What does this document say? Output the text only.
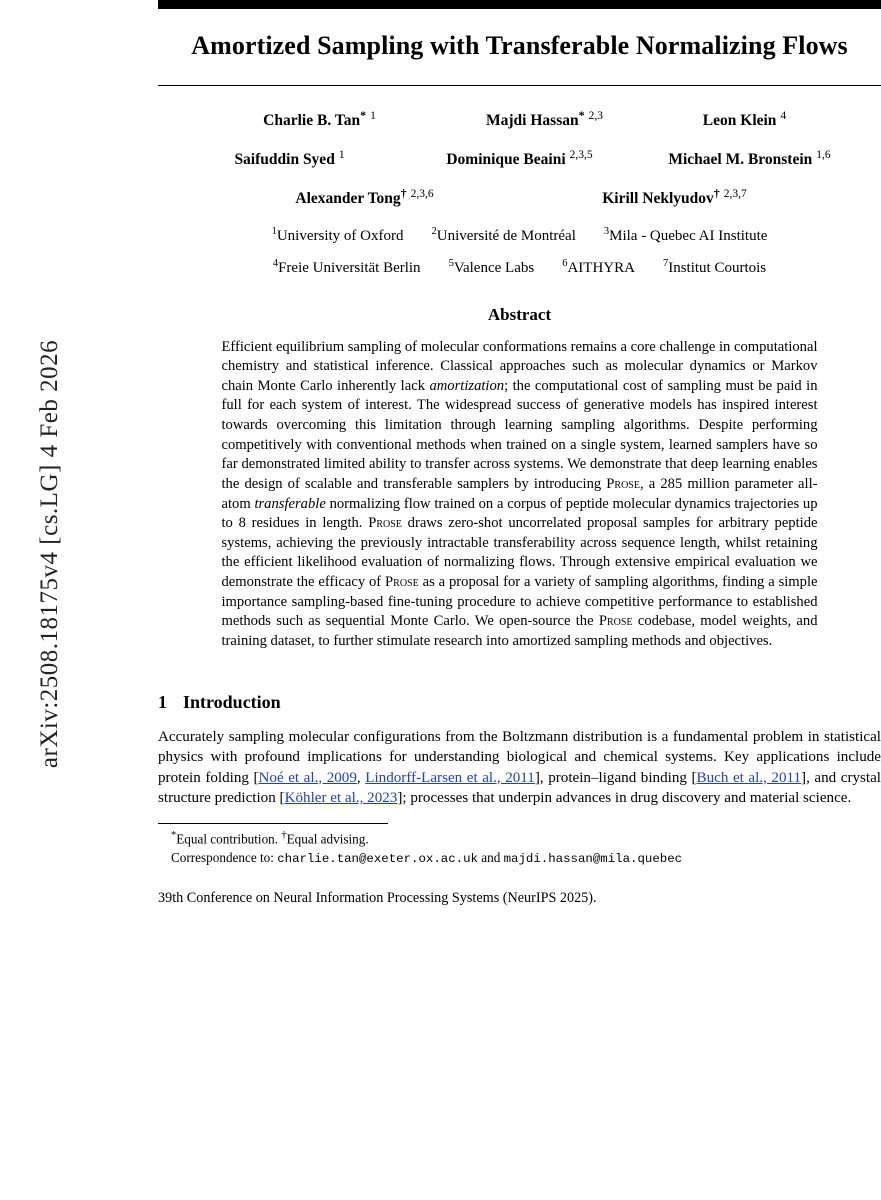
arXiv:2508.18175v4 [cs.LG] 4 Feb 2026
Amortized Sampling with Transferable Normalizing Flows
Charlie B. Tan* $^1$	Majdi Hassan* $^{2,3}$	Leon Klein $^4$
Saifuddin Syed $^1$	Dominique Beaini $^{2,3,5}$	Michael M. Bronstein $^{1,6}$
Alexander Tong† $^{2,3,6}$	Kirill Neklyudov† $^{2,3,7}$
$^1$University of Oxford	$^2$Université de Montréal	$^3$Mila - Quebec AI Institute
$^4$Freie Universität Berlin	$^5$Valence Labs	$^6$AITHYRA	$^7$Institut Courtois
Abstract
Efficient equilibrium sampling of molecular conformations remains a core challenge in computational chemistry and statistical inference. Classical approaches such as molecular dynamics or Markov chain Monte Carlo inherently lack amortization; the computational cost of sampling must be paid in full for each system of interest. The widespread success of generative models has inspired interest towards overcoming this limitation through learning sampling algorithms. Despite performing competitively with conventional methods when trained on a single system, learned samplers have so far demonstrated limited ability to transfer across systems. We demonstrate that deep learning enables the design of scalable and transferable samplers by introducing Prose, a 285 million parameter all-atom transferable normalizing flow trained on a corpus of peptide molecular dynamics trajectories up to 8 residues in length. Prose draws zero-shot uncorrelated proposal samples for arbitrary peptide systems, achieving the previously intractable transferability across sequence length, whilst retaining the efficient likelihood evaluation of normalizing flows. Through extensive empirical evaluation we demonstrate the efficacy of Prose as a proposal for a variety of sampling algorithms, finding a simple importance sampling-based fine-tuning procedure to achieve competitive performance to established methods such as sequential Monte Carlo. We open-source the Prose codebase, model weights, and training dataset, to further stimulate research into amortized sampling methods and objectives.
1 Introduction
Accurately sampling molecular configurations from the Boltzmann distribution is a fundamental problem in statistical physics with profound implications for understanding biological and chemical systems. Key applications include protein folding [Noé et al., 2009, Lindorff-Larsen et al., 2011], protein–ligand binding [Buch et al., 2011], and crystal structure prediction [Köhler et al., 2023]; processes that underpin advances in drug discovery and material science.
*Equal contribution. †Equal advising.
Correspondence to: charlie.tan@exeter.ox.ac.uk and majdi.hassan@mila.quebec
39th Conference on Neural Information Processing Systems (NeurIPS 2025).
